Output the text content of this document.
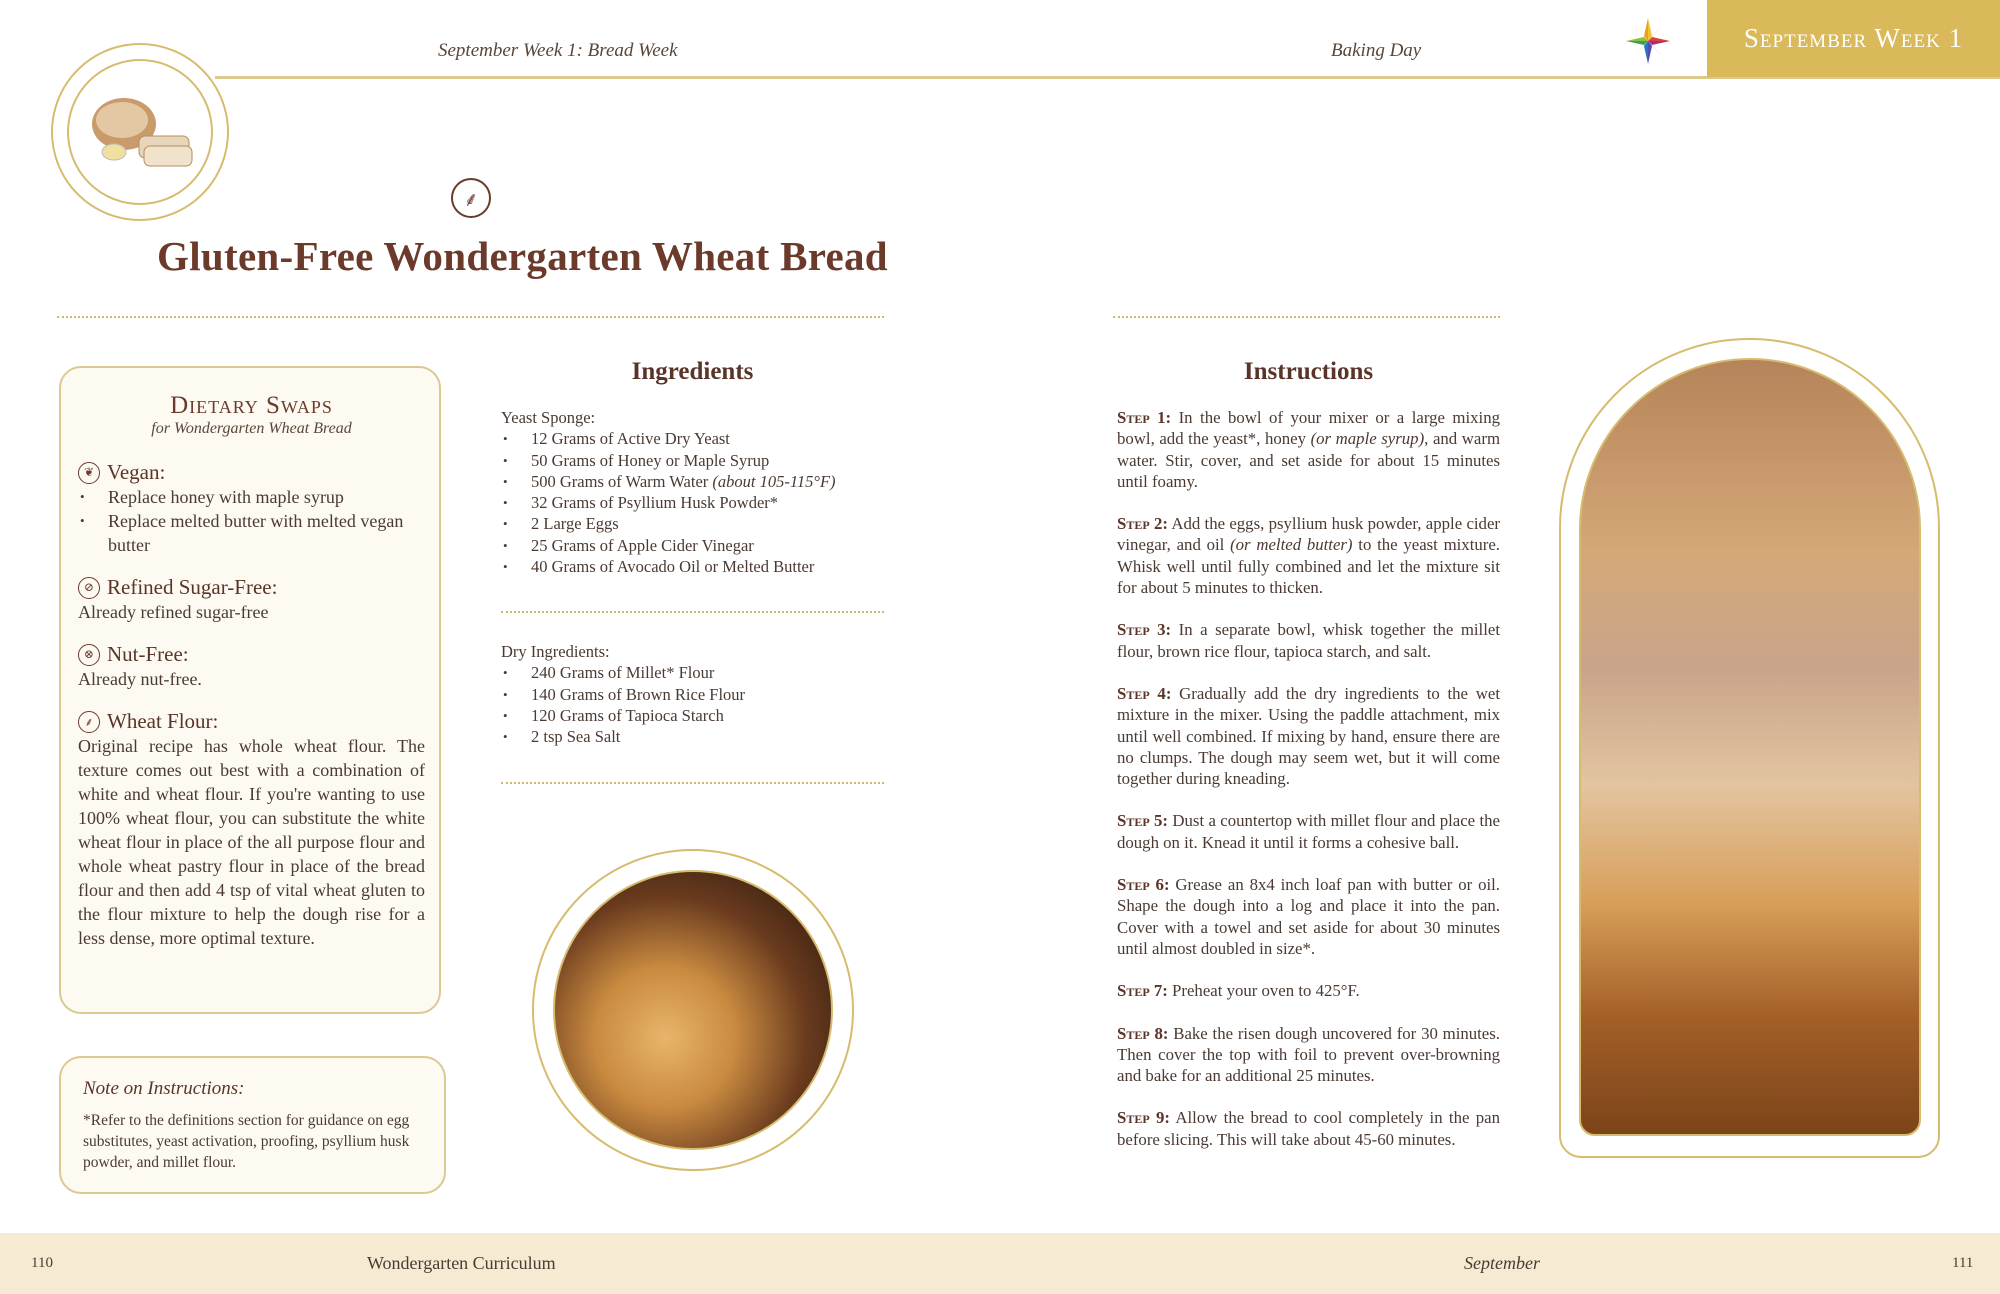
September Week 1: Bread Week	Baking Day	September Week 1
⸙
Gluten-Free Wondergarten Wheat Bread
Dietary Swaps
for Wondergarten Wheat Bread
❦ Vegan:
• Replace honey with maple syrup
• Replace melted butter with melted vegan butter
⊘ Refined Sugar-Free:
Already refined sugar-free
⊗ Nut-Free:
Already nut-free.
⸙ Wheat Flour:
Original recipe has whole wheat flour. The texture comes out best with a combination of white and wheat flour. If you're wanting to use 100% wheat flour, you can substitute the white wheat flour in place of the all purpose flour and whole wheat pastry flour in place of the bread flour and then add 4 tsp of vital wheat gluten to the flour mixture to help the dough rise for a less dense, more optimal texture.
Note on Instructions:
*Refer to the definitions section for guidance on egg substitutes, yeast activation, proofing, psyllium husk powder, and millet flour.
Ingredients
Yeast Sponge:
• 12 Grams of Active Dry Yeast
• 50 Grams of Honey or Maple Syrup
• 500 Grams of Warm Water (about 105-115°F)
• 32 Grams of Psyllium Husk Powder*
• 2 Large Eggs
• 25 Grams of Apple Cider Vinegar
• 40 Grams of Avocado Oil or Melted Butter
Dry Ingredients:
• 240 Grams of Millet* Flour
• 140 Grams of Brown Rice Flour
• 120 Grams of Tapioca Starch
• 2 tsp Sea Salt
Instructions
Step 1: In the bowl of your mixer or a large mixing bowl, add the yeast*, honey (or maple syrup), and warm water. Stir, cover, and set aside for about 15 minutes until foamy.
Step 2: Add the eggs, psyllium husk powder, apple cider vinegar, and oil (or melted butter) to the yeast mixture. Whisk well until fully combined and let the mixture sit for about 5 minutes to thicken.
Step 3: In a separate bowl, whisk together the millet flour, brown rice flour, tapioca starch, and salt.
Step 4: Gradually add the dry ingredients to the wet mixture in the mixer. Using the paddle attachment, mix until well combined. If mixing by hand, ensure there are no clumps. The dough may seem wet, but it will come together during kneading.
Step 5: Dust a countertop with millet flour and place the dough on it. Knead it until it forms a cohesive ball.
Step 6: Grease an 8x4 inch loaf pan with butter or oil. Shape the dough into a log and place it into the pan. Cover with a towel and set aside for about 30 minutes until almost doubled in size*.
Step 7: Preheat your oven to 425°F.
Step 8: Bake the risen dough uncovered for 30 minutes. Then cover the top with foil to prevent over-browning and bake for an additional 25 minutes.
Step 9: Allow the bread to cool completely in the pan before slicing. This will take about 45-60 minutes.
110	Wondergarten Curriculum	September	111
